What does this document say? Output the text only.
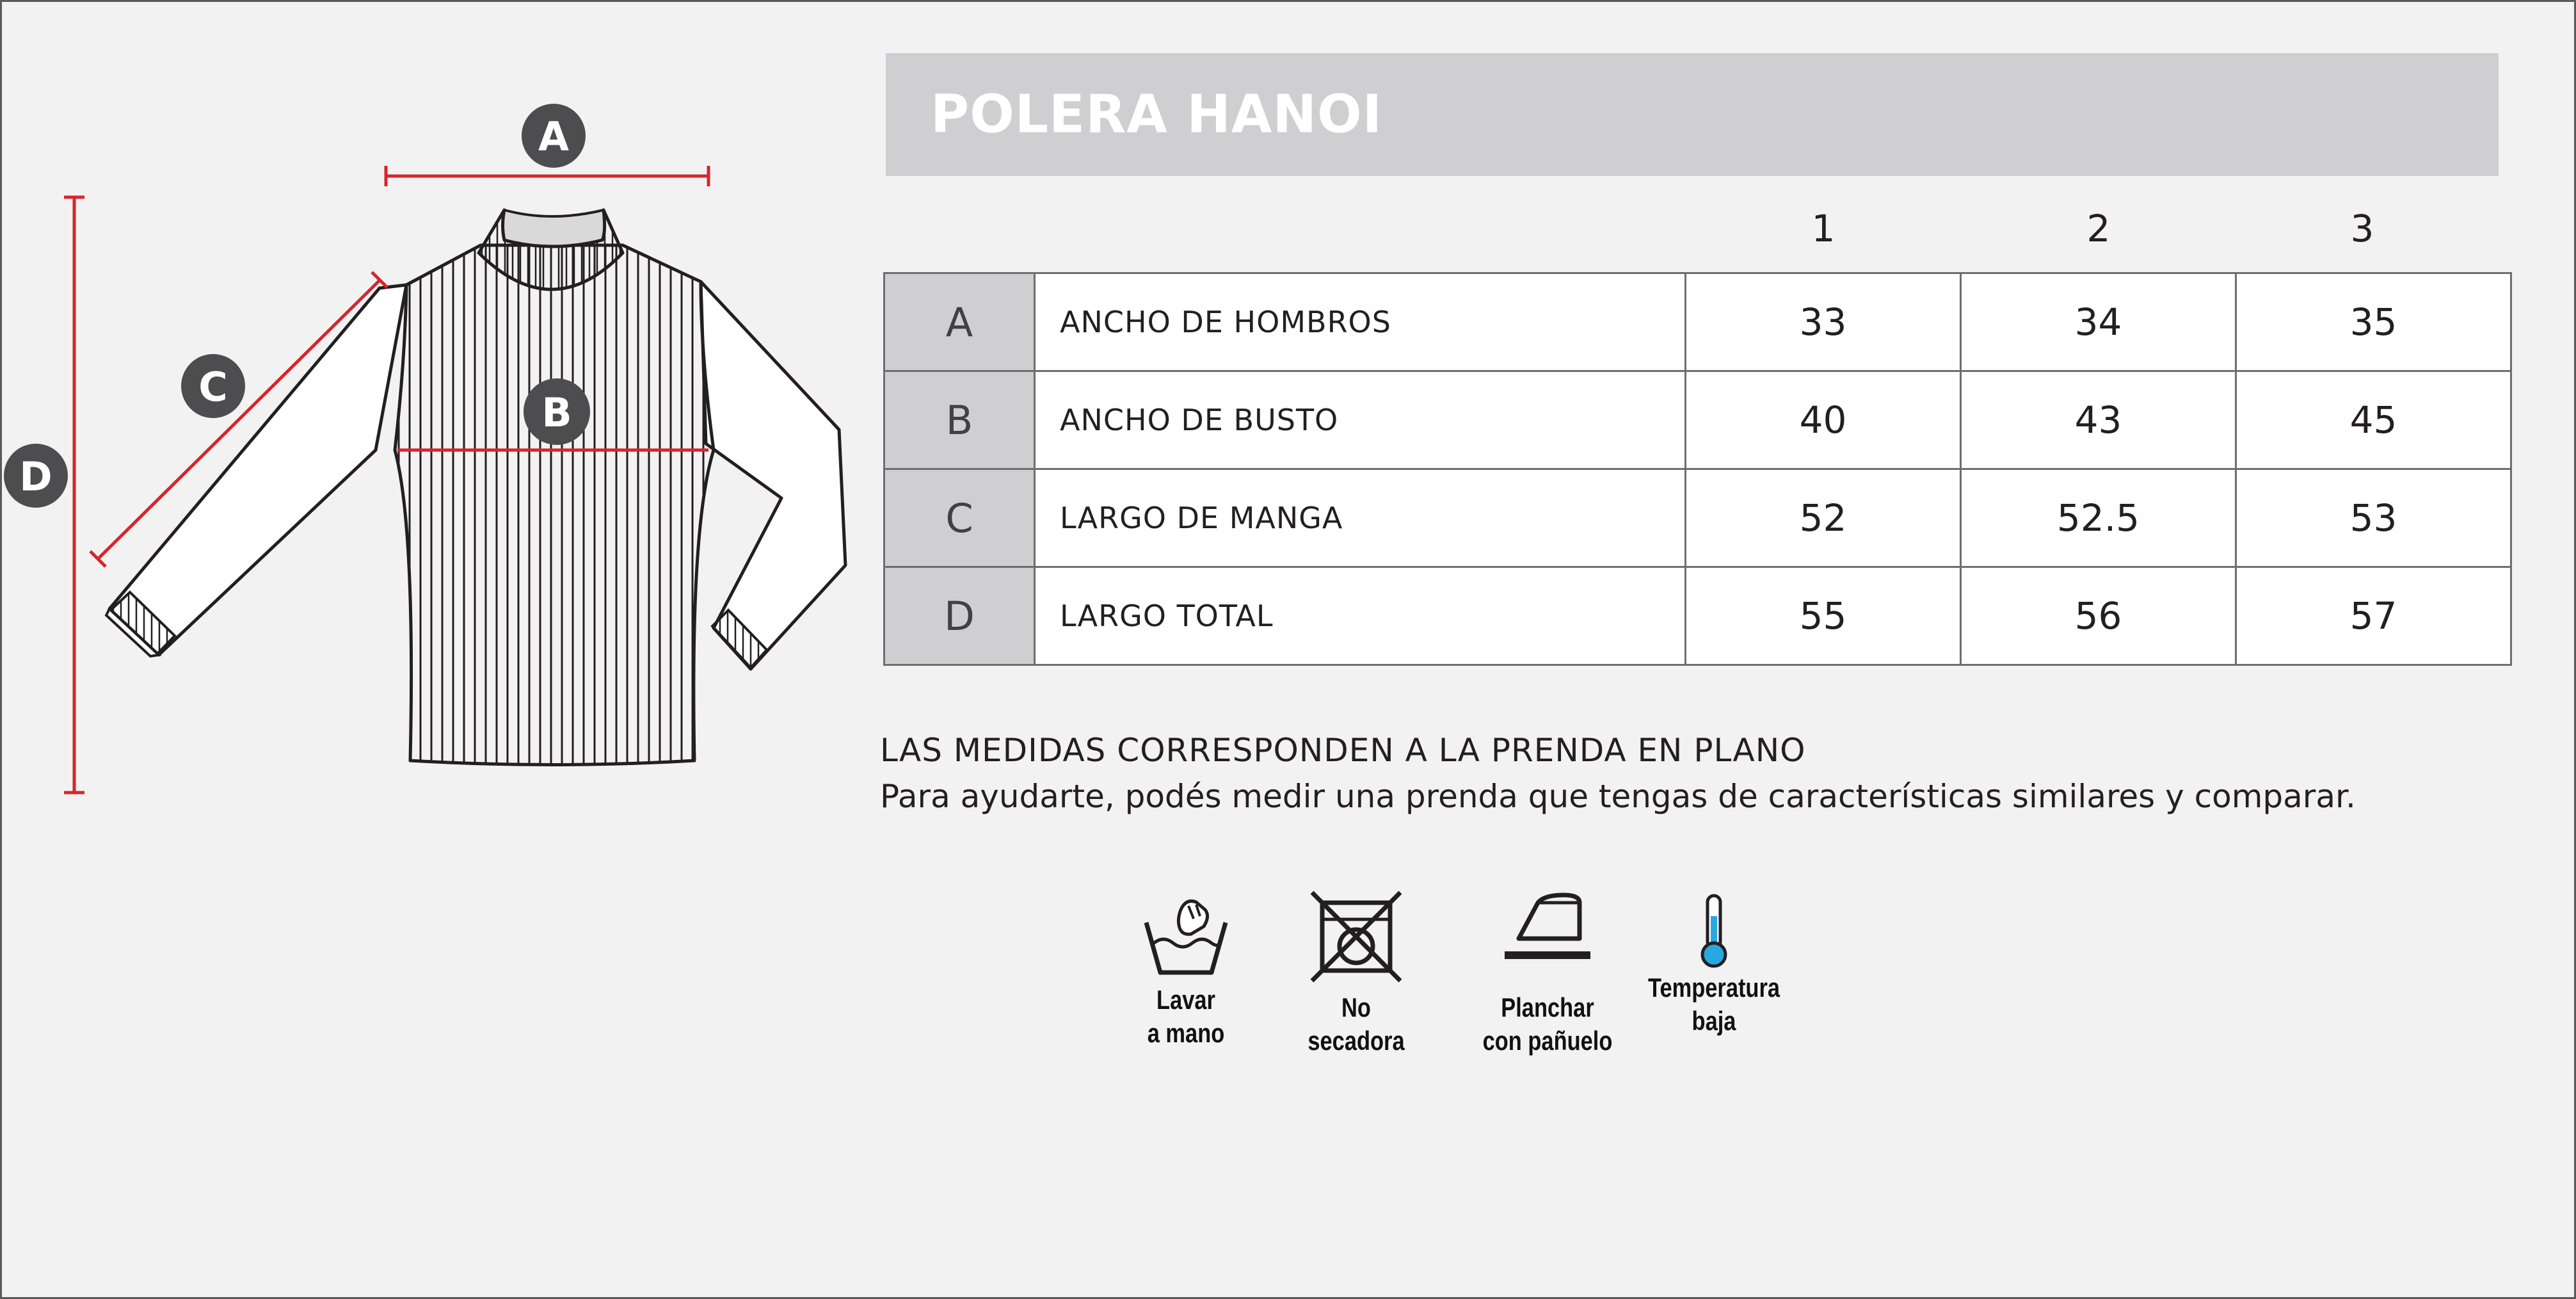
A
B
C
D
POLERA HANOI
1	2	3
A	ANCHO DE HOMBROS	33	34	35
B	ANCHO DE BUSTO	40	43	45
C	LARGO DE MANGA	52	52.5	53
D	LARGO TOTAL	55	56	57
LAS MEDIDAS CORRESPONDEN A LA PRENDA EN PLANO
Para ayudarte, podés medir una prenda que tengas de características similares y comparar.
Lavar
a mano
No
secadora
Planchar
con pañuelo
Temperatura
baja
